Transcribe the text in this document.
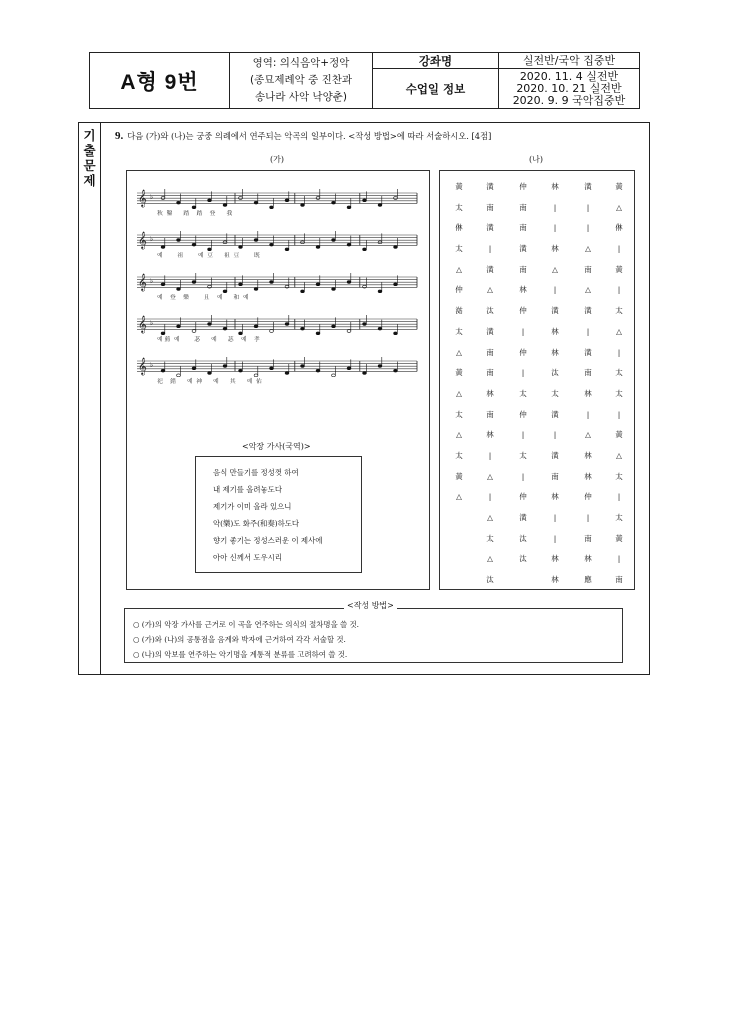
A형 9번
영역: 의식음악+정악
(종묘제례악 중 진찬과
송나라 사악 낙양춘)
강좌명	실전반/국악 집중반
수업일 정보
2020. 11. 4 실전반
2020. 10. 21 실전반
2020. 9. 9 국악집중반
기
출
문
제
9. 다음 (가)와 (나)는 궁중 의례에서 연주되는 악곡의 일부이다. <작성 방법>에 따라 서술하시오. [4점]
(가)	(나)
𝄞 ♭
𝄞 ♭
𝄞 ♭
𝄞 ♭
𝄞 ♭
秋  鑿      踏    踏    登      我
예        祖        예  豆      祖  豆        既
예    登    樂        且    예      和  예
예 薦  예        苾      예      苾    예    孝
祀    錯      예  神      예      其      예  佑
<악장 가사(국역)>
음식 만들기를 정성껏 하여
내 제기를 올려놓도다
제기가 이미 올라 있으니
악(樂)도 화주(和奏)하도다
향기 좋기는 정성스러운 이 제사에
아아 신께서 도우시리
黃
太
㑣
太
△
仲
㴌
太
△
黃
△
太
△
太
黃
△
潢
南
潢
|
潢
△
汰
潢
南
南
林
南
林
|
△
|
△
太
△
汰
仲
南
南
潢
南
林
仲
|
仲
|
太
仲
|
太
|
仲
潢
汰
汰
林
|
|
林
△
|
潢
林
林
汰
太
潢
|
潢
南
林
|
|
林
林
潢
|
|
△
南
△
潢
|
潢
南
林
|
△
林
林
仲
|
南
林
應
黃
△
㑣
|
黃
|
太
△
|
太
太
|
黃
△
太
|
太
黃
|
南
○ (가)의 악장 가사를 근거로 이 곡을 연주하는 의식의 절차명을 쓸 것.
○ (가)와 (나)의 공통점을 음계와 박자에 근거하여 각각 서술할 것.
○ (나)의 악보를 연주하는 악기명을 계통적 분류를 고려하여 쓸 것.
<작성 방법>
